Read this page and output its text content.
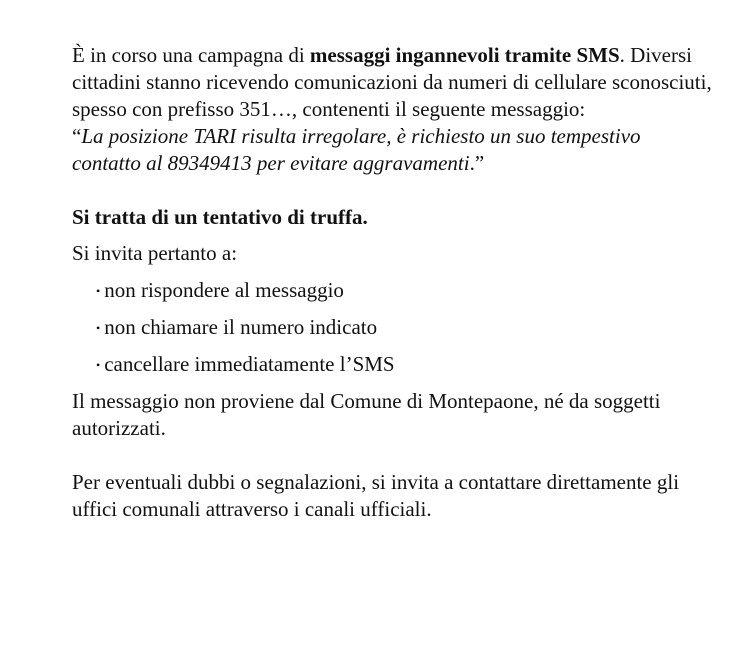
È in corso una campagna di messaggi ingannevoli tramite SMS. Diversi cittadini stanno ricevendo comunicazioni da numeri di cellulare sconosciuti, spesso con prefisso 351…, contenenti il seguente messaggio:

“La posizione TARI risulta irregolare, è richiesto un suo tempestivo contatto al 89349413 per evitare aggravamenti.”

Si tratta di un tentativo di truffa.

Si invita pertanto a:

• non rispondere al messaggio
• non chiamare il numero indicato
• cancellare immediatamente l’SMS

Il messaggio non proviene dal Comune di Montepaone, né da soggetti autorizzati.

Per eventuali dubbi o segnalazioni, si invita a contattare direttamente gli uffici comunali attraverso i canali ufficiali.
